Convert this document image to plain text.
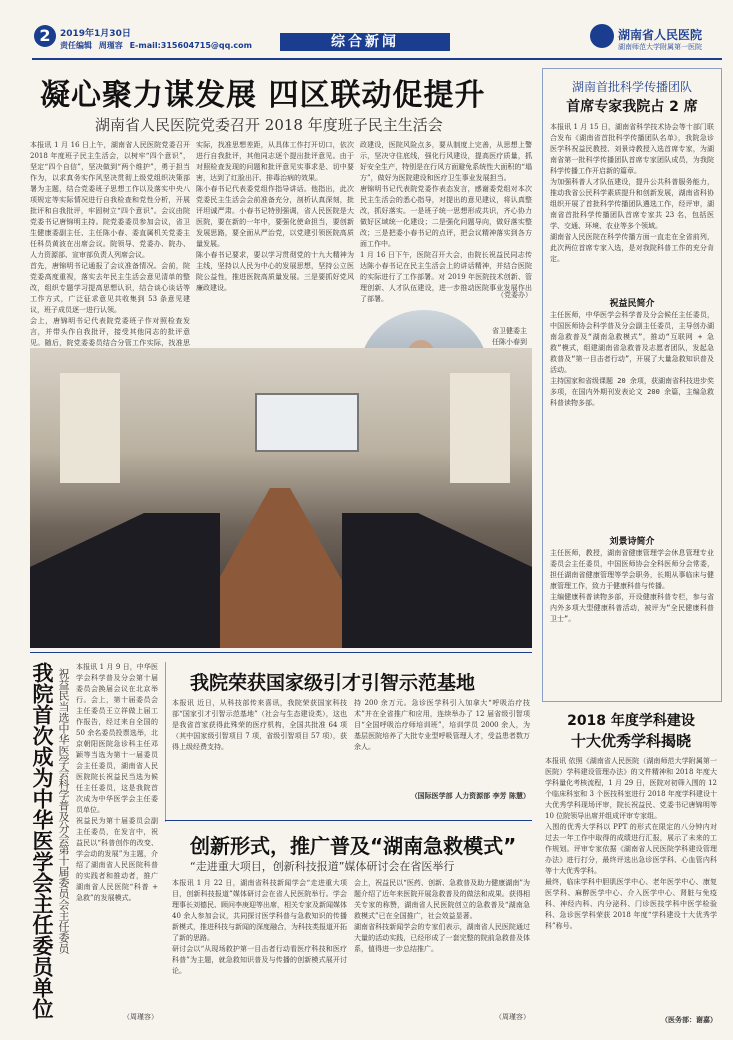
2	2019年1月30日
责任编辑 周瑾容 E-mail:315604715@qq.com	综合新闻	湖南省人民医院
湖南师范大学附属第一医院
凝心聚力谋发展 四区联动促提升
湖南省人民医院党委召开 2018 年度班子民主生活会

本报讯 1 月 16 日上午，湖南省人民医院党委召开 2018 年度班子民主生活会，以树牢“四个意识”，坚定“四个自信”，坚决做到“两个维护”，勇于担当作为，以求真务实作风坚决贯彻上级党组织决策部署为主题，结合党委班子思想工作以及落实中央八项规定等实际情况进行自我检查和党性分析，开展批评和自我批评，牢固树立“四个意识”。会议由院党委书记唐锦明主持。院党委委员参加会议，省卫生健康委副主任、主任陈小春、委直属机关党委主任科员黄波在出席会议。院领导、党委办、院办、人力资源部、宣审部负责人列席会议。

首先，唐锦明书记通报了会议准备情况。会前，院党委高度重视，落实去年民主生活会意见清单的整改，组织专题学习提高思想认识，结合谈心谈话等工作方式，广泛征求意见共收集到 53 条意见建议，班子成员逐一进行认领。

会上，唐锦明书记代表院党委班子作对照检查发言，并带头作自我批评，接受其他同志的批评意见。随后，院党委委员结合分管工作实际，找准思

实际，找准思想差距，从具体工作打开切口，依次进行自我批评，其他同志逐个提出批评意见。由于对照检查发现的问题和批评意见实事求是、切中要害，达到了红脸出汗、排毒治病的效果。

陈小春书记代表委党组作指导讲话。他指出，此次党委民主生活会会前准备充分，剖析认真深刻，批评坦诚严肃。小春书记特别强调，省人民医院是大医院，要在新的一年中，要强化使命担当，要创新发展思路，要全面从严治党，以党建引领医院高质量发展。

陈小春书记要求，要以学习贯彻党的十九大精神为主线，坚持以人民为中心的发展思想，坚持公立医院公益性，推进医院高质量发展。三是要抓好党风廉政建设。

政建设，医院风险点多，要从制度上完善，从思想上警示，坚决守住底线，强化行风建设，提高医疗质量，抓好安全生产，特别是在行风方面避免系统性大面积的“塌方”，做好为医院建设和医疗卫生事业发展担当。

唐锦明书记代表院党委作表态发言，感谢委党组对本次民主生活会的悉心指导，对提出的意见建议，将认真整改，抓好落实。一是班子统一思想形成共识，齐心协力做好区域统一化建设；二是强化问题导向，做好落实整改；三是把委小春书记的点评，把会议精神落实到各方面工作中。

1 月 16 日下午，医院召开大会，由院长祝益民同志传达陈小春书记在民主生活会上的讲话精神，并结合医院的实际进行了工作部署。对 2019 年医院技术创新、管理创新、人才队伍建设，进一步推动医院事业发展作出了部署。	（党委办）
省卫健委主任陈小春到
我院首次成为中华医学会主任委员单位 祝益民当选中华医学会科学普及分会第十届委员会主任委员

本报讯 1 月 9 日，中华医学会科学普及分会第十届委员会换届会议在北京举行。会上，第十届委员会主任委员王立祥做上届工作报告，经过来自全国的 50 余名委员投票选举，北京朝阳医院急诊科主任邓颖等当选为第十一届委员会主任委员，湖南省人民医院院长祝益民当选为候任主任委员，这是我院首次成为中华医学会主任委员单位。

祝益民为第十届委员会副主任委员，在发言中，祝益民以“科普创作的改变、学会动的发展”为主题，介绍了湖南省人民医院科普的实践者和推动者，推广湖南省人民医院“科普 + 急救”的发展模式。

（周瑾容）
我院荣获国家级引才引智示范基地
本报讯 近日，从科技部传来喜讯，我院荣获国家科技部“国家引才引智示范基地”（社会与生态建设类），这也是我省首家获得此殊荣的医疗机构，全国共批准 64 项（其中国家级引智项目 7 项，省级引智项目 57 项），获得上级经费支持。
持 200 余万元。急诊医学科引入加拿大“呼吸治疗技术”并在全省推广和应用，连续举办了 12 届省级引智项目“全国呼吸治疗师培训班”，培训学员 2000 余人，为基层医院培养了大批专业型呼吸管理人才，受益患者数万余人。
（国际医学部 人力资源部 李芳 陈慧）
创新形式，推广普及“湖南急救模式”
“走进重大项目，创新科技报道”媒体研讨会在省医举行

本报讯 1 月 22 日，湖南省科技新闻学会“走进重大项目，创新科技报道”媒体研讨会在省人民医院举行。学会理事长刘德民、顾问李庚迎等出席，相关专家及新闻媒体 40 余人参加会议，共同探讨医学科普与急救知识的传播新模式，推进科技与新闻的深度融合，为科技类报道开拓了新的思路。

研讨会以“从现场救护第一目击者行动看医疗科技和医疗科普”为主题，就急救知识普及与传播的创新模式展开讨论。

会上，祝益民以“医药、创新、急救普及助力健康湖南”为题介绍了近年来医院开展急救普及的做法和成果。获得相关专家的称赞，湖南省人民医院创立的急救普及“湖南急救模式”已在全国推广，社会效益显著。

湖南省科技新闻学会的专家们表示，湖南省人民医院通过大量的活动实践，已经形成了一套完整的院前急救普及体系，值得进一步总结推广。

（周瑾容）
湖南首批科学传播团队
首席专家我院占 2 席

本报讯 1 月 15 日，湖南省科学技术协会等十部门联合发布《湖南省首批科学传播团队名单》，我院急诊医学科祝益民教授、刘景诗教授入选首席专家，为湖南省第一批科学传播团队首席专家团队成员，为我院科学传播工作开启新的篇章。

为加强科普人才队伍建设，提升公共科普服务能力，推动我省公民科学素质提升和创新发展，湖南省科协组织开展了首批科学传播团队遴选工作，经评审，湖南省首批科学传播团队首席专家共 23 名，包括医学、交通、环境、农业等多个领域。

湖南省人民医院在科学传播方面一直走在全省前列，此次两位首席专家入选，是对我院科普工作的充分肯定。

祝益民简介

主任医师，中华医学会科学普及分会候任主任委员，中国医师协会科学普及分会副主任委员，主导创办湖南急救普及“湖南急救模式”，推动“互联网 + 急救”模式，组建湖南省急救普及志愿者团队，发起急救普及“第一目击者行动”，开展了大量急救知识普及活动。

主持国家和省级课题 20 余项，获湖南省科技进步奖多项，在国内外期刊发表论文 200 余篇，主编急救科普读物多部。

刘景诗简介

主任医师，教授，湖南省健康管理学会休息管理专业委员会主任委员，中国医师协会全科医师分会常委，担任湖南省健康管理等学会职务，长期从事临床与健康管理工作，致力于健康科普与传播。

主编健康科普读物多部，开设健康科普专栏，参与省内外多项大型健康科普活动，被评为“全民健康科普卫士”。

2018 年度学科建设
十大优秀学科揭晓

本报讯 依照《湖南省人民医院（湖南师范大学附属第一医院）学科建设管理办法》的文件精神和 2018 年度大学科量化考核流程，1 月 29 日，医院对初筛入围的 12 个临床科室和 3 个医技科室进行 2018 年度学科建设十大优秀学科现场评审，院长祝益民、党委书记唐锦明等 10 位院领导出席并组成评审专家组。

入围的优秀大学科以 PPT 的形式在限定的八分钟内对过去一年工作中取得的成绩进行汇报，展示了未来的工作规划。评审专家依据《湖南省人民医院学科建设管理办法》进行打分，最终评选出急诊医学科、心血管内科等十大优秀学科。

最终，临床学科中胆肌医学中心、老年医学中心、康复医学科、麻醉医学中心、介入医学中心、肾脏与免疫科、神经内科、内分泌科、门诊医技学科中医学检验科、急诊医学科荣获 2018 年度“学科建设十大优秀学科”称号。

（医务部：谢嘉）
